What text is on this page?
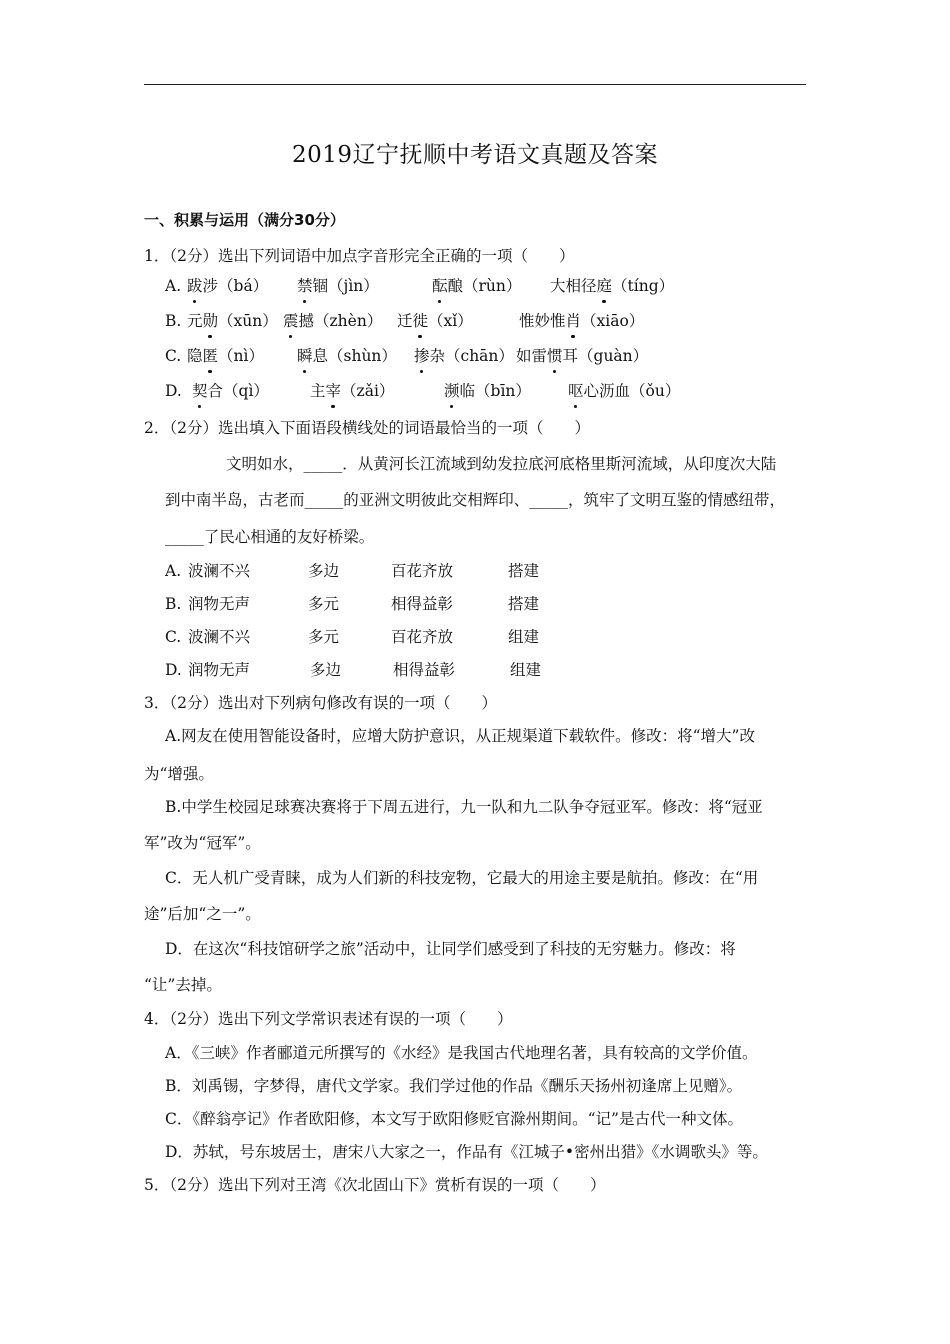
2019辽宁抚顺中考语文真题及答案
一、积累与运用（满分30分）
1．（2分）选出下列词语中加点字音形完全正确的一项（　　）
A. 跋涉（bá） 禁锢（jìn）	酝酿（rùn） 大相径庭（tíng）
B. 元勋（xūn） 震撼（zhèn） 迁徙（xǐ）	惟妙惟肖（xiāo）
C. 隐匿（nì） 瞬息（shùn） 掺杂（chān） 如雷惯耳（guàn）
D. 契合（qì）	主宰（zǎi）	濒临（bīn） 呕心沥血（ǒu）
2．（2分）选出填入下面语段横线处的词语最恰当的一项（　　）
文明如水，_____．从黄河长江流域到幼发拉底河底格里斯河流域，从印度次大陆
到中南半岛，古老而_____的亚洲文明彼此交相辉印、_____，筑牢了文明互鉴的情感纽带，
_____了民心相通的友好桥梁。
A. 波澜不兴	多边	百花齐放	搭建
B. 润物无声	多元	相得益彰	搭建
C. 波澜不兴	多元	百花齐放	组建
D. 润物无声	多边	相得益彰	组建
3．（2分）选出对下列病句修改有误的一项（　　）
A.网友在使用智能设备时，应增大防护意识，从正规渠道下载软件。修改：将“增大”改
为“增强。
B.中学生校园足球赛决赛将于下周五进行，九一队和九二队争夺冠亚军。修改：将“冠亚
军”改为“冠军”。
C．无人机广受青睐，成为人们新的科技宠物，它最大的用途主要是航拍。修改：在“用
途”后加“之一”。
D．在这次“科技馆研学之旅”活动中，让同学们感受到了科技的无穷魅力。修改：将
“让”去掉。
4．（2分）选出下列文学常识表述有误的一项（　　）
A．《三峡》作者郦道元所撰写的《水经》是我国古代地理名著，具有较高的文学价值。
B．刘禹锡，字梦得，唐代文学家。我们学过他的作品《酬乐天扬州初逢席上见赠》。
C．《醉翁亭记》作者欧阳修，本文写于欧阳修贬官滁州期间。“记”是古代一种文体。
D．苏轼，号东坡居士，唐宋八大家之一，作品有《江城子•密州出猎》《水调歌头》等。
5．（2分）选出下列对王湾《次北固山下》赏析有误的一项（　　）
